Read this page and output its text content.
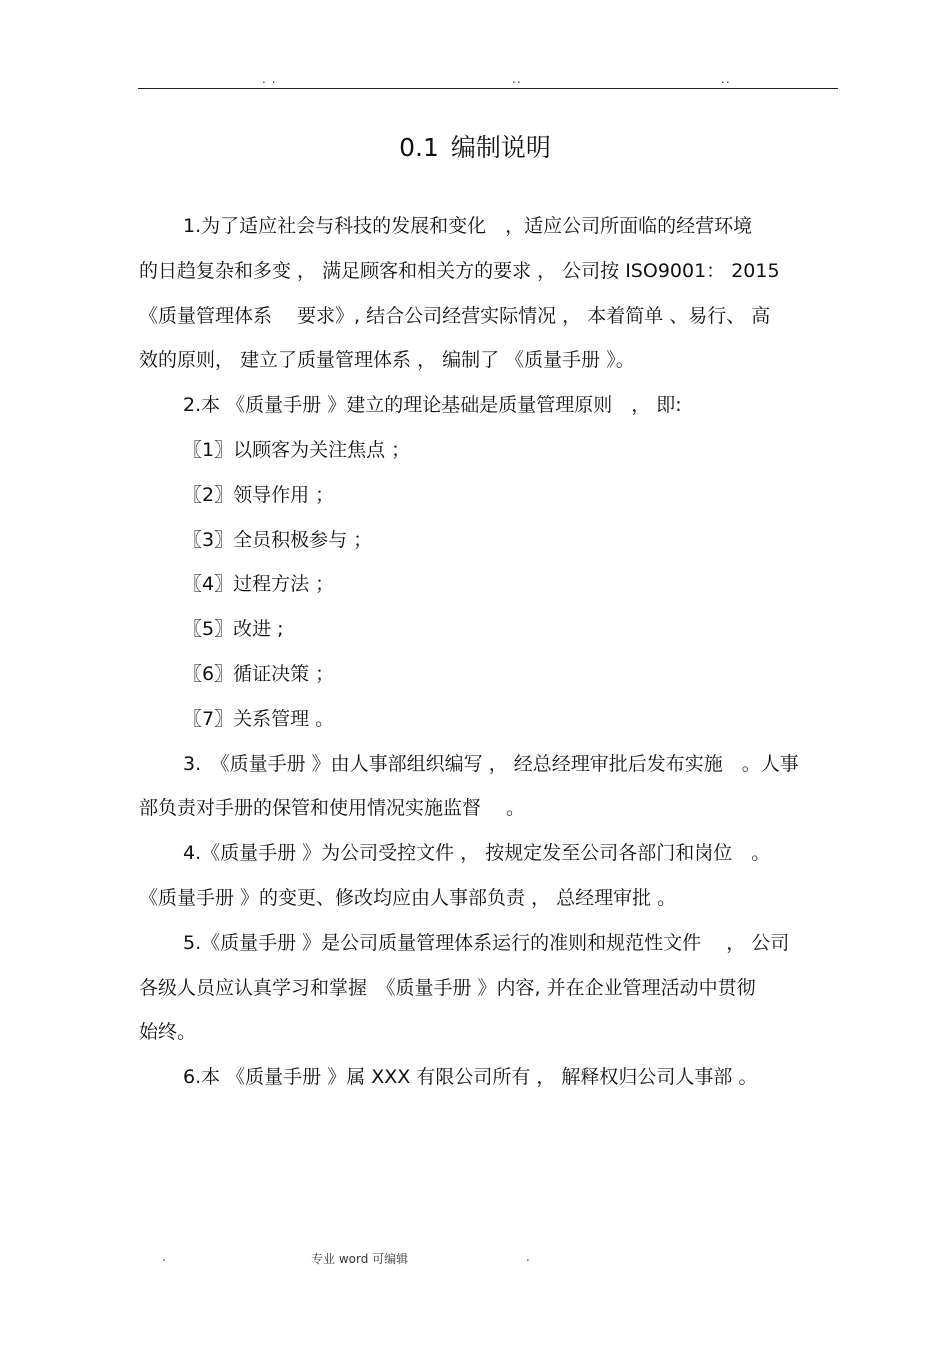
. .	..	..
0.1 编制说明

1.为了适应社会与科技的发展和变化　，适应公司所面临的经营环境

的日趋复杂和多变 ， 满足顾客和相关方的要求 ， 公司按 ISO9001： 2015

《质量管理体系　 要求》, 结合公司经营实际情况 ， 本着简单 、易行、 高

效的原则， 建立了质量管理体系 ， 编制了 《质量手册 》。

2.本 《质量手册 》建立的理论基础是质量管理原则　， 即:

〖1〗以顾客为关注焦点 ；

〖2〗领导作用 ；

〖3〗全员积极参与 ；

〖4〗过程方法 ；

〖5〗改进 ;

〖6〗循证决策 ；

〖7〗关系管理 。

3.　《质量手册 》由人事部组织编写 ， 经总经理审批后发布实施　。人事

部负责对手册的保管和使用情况实施监督　 。

4.《质量手册 》为公司受控文件 ， 按规定发至公司各部门和岗位　。

《质量手册 》的变更、修改均应由人事部负责 ， 总经理审批 。

5.《质量手册 》是公司质量管理体系运行的准则和规范性文件　 ， 公司

各级人员应认真学习和掌握　《质量手册 》内容, 并在企业管理活动中贯彻

始终。

6.本 《质量手册 》属 XXX 有限公司所有 ， 解释权归公司人事部 。

.	专业 word 可编辑	.
